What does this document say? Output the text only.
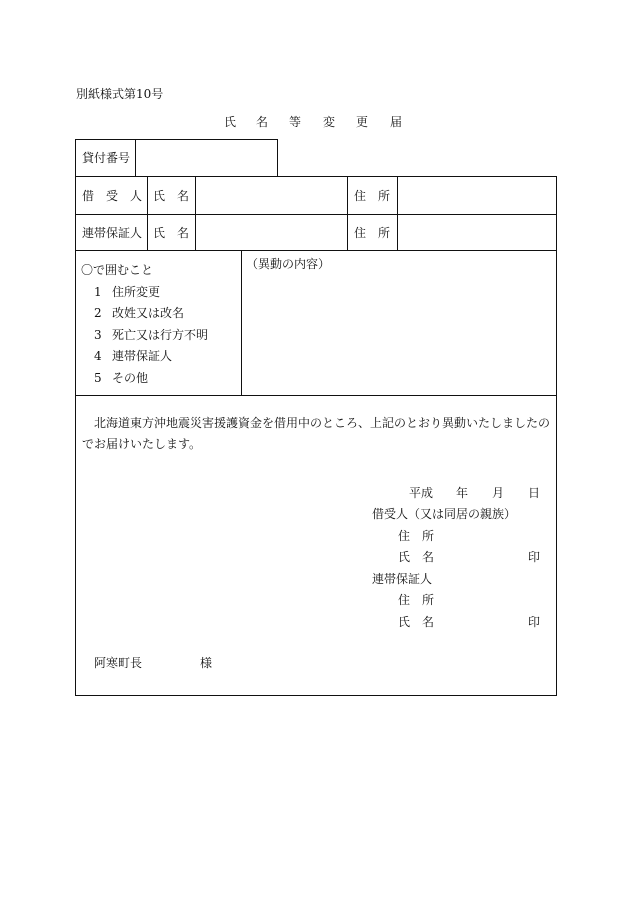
別紙様式第10号
氏 名 等 変 更 届
貸付番号
借　受　人 氏　名	住　所
連帯保証人 氏　名	住　所
〇で囲むこと
1 住所変更
2 改姓又は改名
3 死亡又は行方不明
4 連帯保証人
5 その他
（異動の内容）
北海道東方沖地震災害援護資金を借用中のところ、上記のとおり異動いたしましたの
でお届けいたします。
平成 年 月 日
借受人（又は同居の親族）
住　所
氏　名	印
連帯保証人
住　所
氏　名	印
阿寒町長	様
